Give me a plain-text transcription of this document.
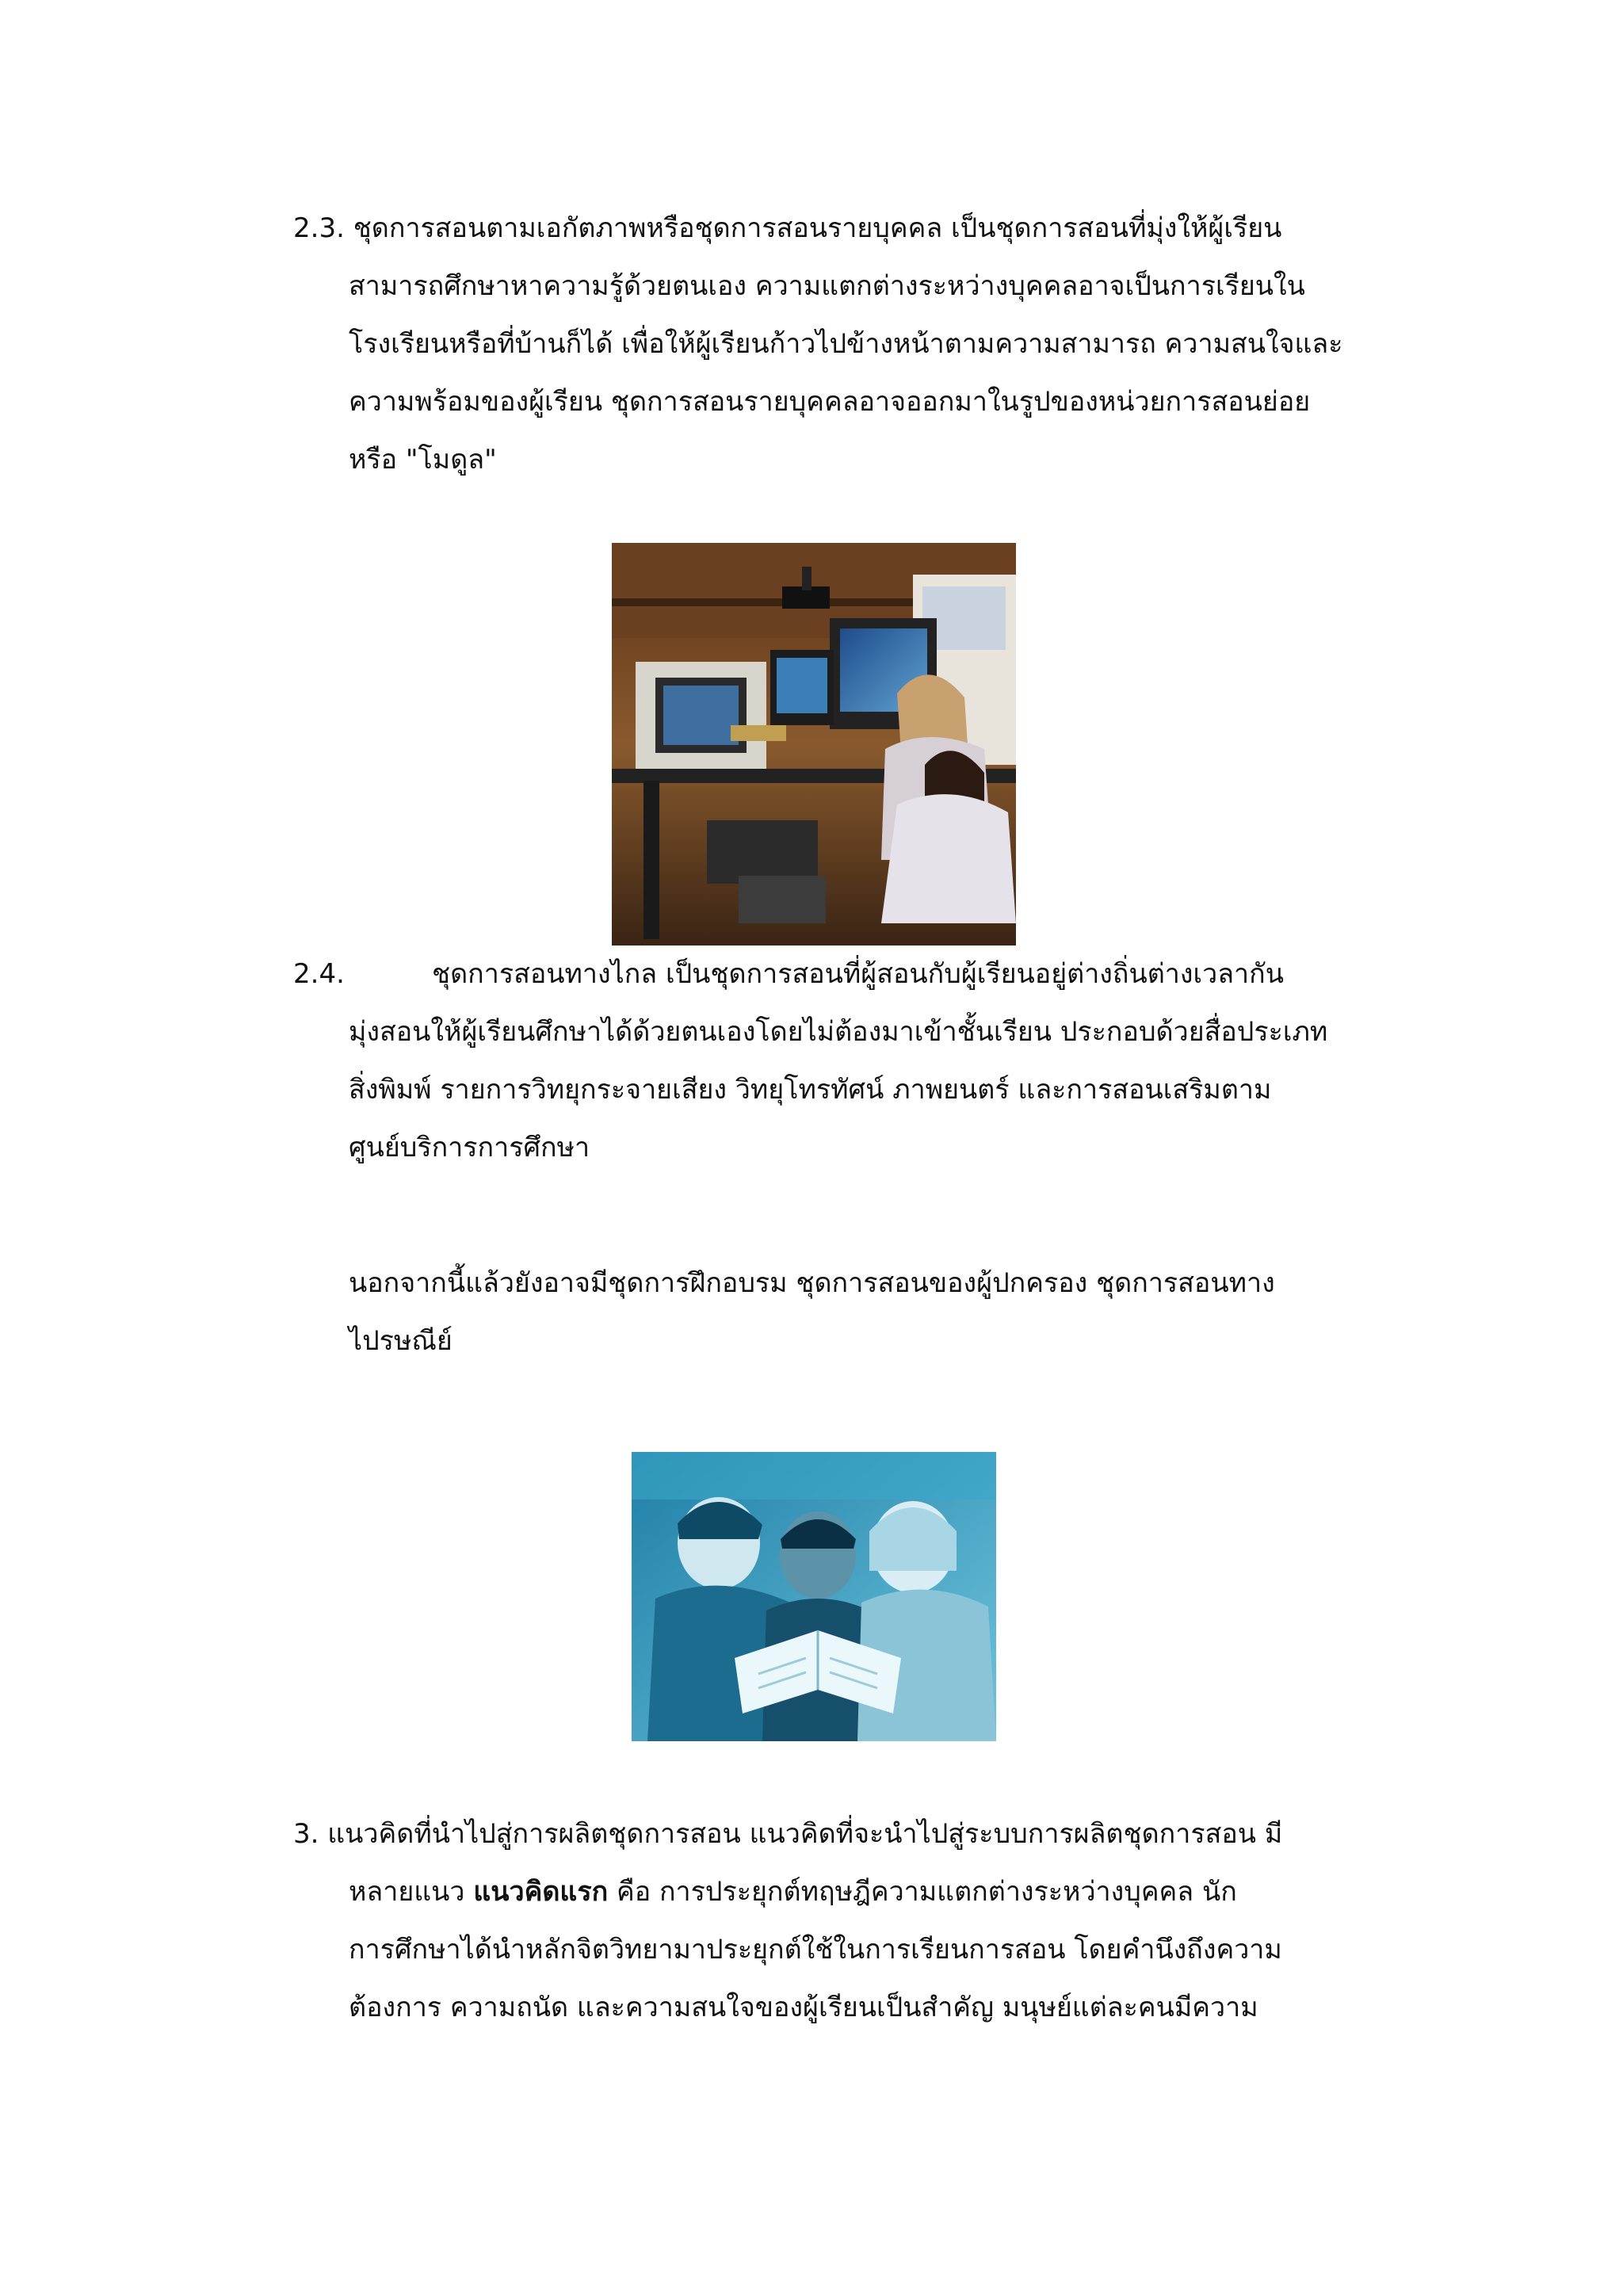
2.3. ชุดการสอนตามเอกัตภาพหรือชุดการสอนรายบุคคล เป็นชุดการสอนที่มุ่งให้ผู้เรียน
สามารถศึกษาหาความรู้ด้วยตนเอง ความแตกต่างระหว่างบุคคลอาจเป็นการเรียนใน
โรงเรียนหรือที่บ้านก็ได้ เพื่อให้ผู้เรียนก้าวไปข้างหน้าตามความสามารถ ความสนใจและ
ความพร้อมของผู้เรียน ชุดการสอนรายบุคคลอาจออกมาในรูปของหน่วยการสอนย่อย
หรือ "โมดูล"
2.4.	ชุดการสอนทางไกล เป็นชุดการสอนที่ผู้สอนกับผู้เรียนอยู่ต่างถิ่นต่างเวลากัน
มุ่งสอนให้ผู้เรียนศึกษาได้ด้วยตนเองโดยไม่ต้องมาเข้าชั้นเรียน ประกอบด้วยสื่อประเภท
สิ่งพิมพ์ รายการวิทยุกระจายเสียง วิทยุโทรทัศน์ ภาพยนตร์ และการสอนเสริมตาม
ศูนย์บริการการศึกษา
นอกจากนี้แล้วยังอาจมีชุดการฝึกอบรม ชุดการสอนของผู้ปกครอง ชุดการสอนทาง
ไปรษณีย์
3. แนวคิดที่นำไปสู่การผลิตชุดการสอน แนวคิดที่จะนำไปสู่ระบบการผลิตชุดการสอน มี
หลายแนว แนวคิดแรก คือ การประยุกต์ทฤษฎีความแตกต่างระหว่างบุคคล นัก
การศึกษาได้นำหลักจิตวิทยามาประยุกต์ใช้ในการเรียนการสอน โดยคำนึงถึงความ
ต้องการ ความถนัด และความสนใจของผู้เรียนเป็นสำคัญ มนุษย์แต่ละคนมีความ
